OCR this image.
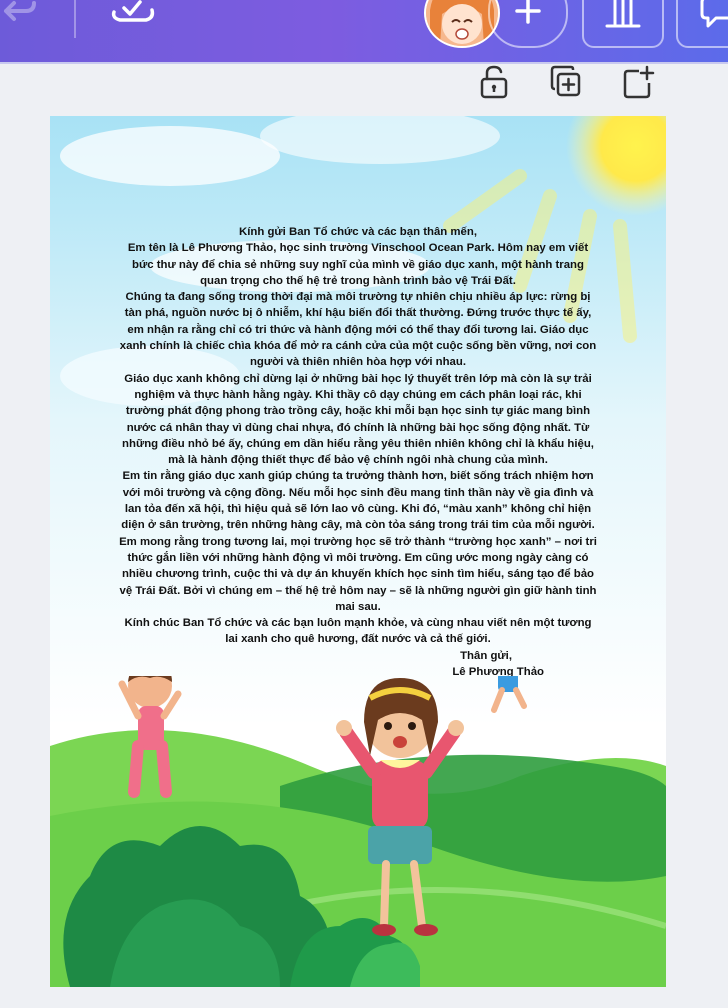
Kính gửi Ban Tổ chức và các bạn thân mến,

Em tên là Lê Phương Thảo, học sinh trường Vinschool Ocean Park. Hôm nay em viết bức thư này để chia sẻ những suy nghĩ của mình về giáo dục xanh, một hành trang quan trọng cho thế hệ trẻ trong hành trình bảo vệ Trái Đất.

Chúng ta đang sống trong thời đại mà môi trường tự nhiên chịu nhiều áp lực: rừng bị tàn phá, nguồn nước bị ô nhiễm, khí hậu biến đổi thất thường. Đứng trước thực tế ấy, em nhận ra rằng chỉ có tri thức và hành động mới có thể thay đổi tương lai. Giáo dục xanh chính là chiếc chìa khóa để mở ra cánh cửa của một cuộc sống bền vững, nơi con người và thiên nhiên hòa hợp với nhau.

Giáo dục xanh không chỉ dừng lại ở những bài học lý thuyết trên lớp mà còn là sự trải nghiệm và thực hành hằng ngày. Khi thầy cô dạy chúng em cách phân loại rác, khi trường phát động phong trào trồng cây, hoặc khi mỗi bạn học sinh tự giác mang bình nước cá nhân thay vì dùng chai nhựa, đó chính là những bài học sống động nhất. Từ những điều nhỏ bé ấy, chúng em dần hiểu rằng yêu thiên nhiên không chỉ là khẩu hiệu, mà là hành động thiết thực để bảo vệ chính ngôi nhà chung của mình.

Em tin rằng giáo dục xanh giúp chúng ta trưởng thành hơn, biết sống trách nhiệm hơn với môi trường và cộng đồng. Nếu mỗi học sinh đều mang tinh thần này về gia đình và lan tỏa đến xã hội, thì hiệu quả sẽ lớn lao vô cùng. Khi đó, “màu xanh” không chỉ hiện diện ở sân trường, trên những hàng cây, mà còn tỏa sáng trong trái tim của mỗi người.

Em mong rằng trong tương lai, mọi trường học sẽ trở thành “trường học xanh” – nơi tri thức gắn liền với những hành động vì môi trường. Em cũng ước mong ngày càng có nhiều chương trình, cuộc thi và dự án khuyến khích học sinh tìm hiểu, sáng tạo để bảo vệ Trái Đất. Bởi vì chúng em – thế hệ trẻ hôm nay – sẽ là những người gìn giữ hành tinh mai sau.

Kính chúc Ban Tổ chức và các bạn luôn mạnh khỏe, và cùng nhau viết nên một tương lai xanh cho quê hương, đất nước và cả thế giới.

Thân gửi,

Lê Phương Thảo
